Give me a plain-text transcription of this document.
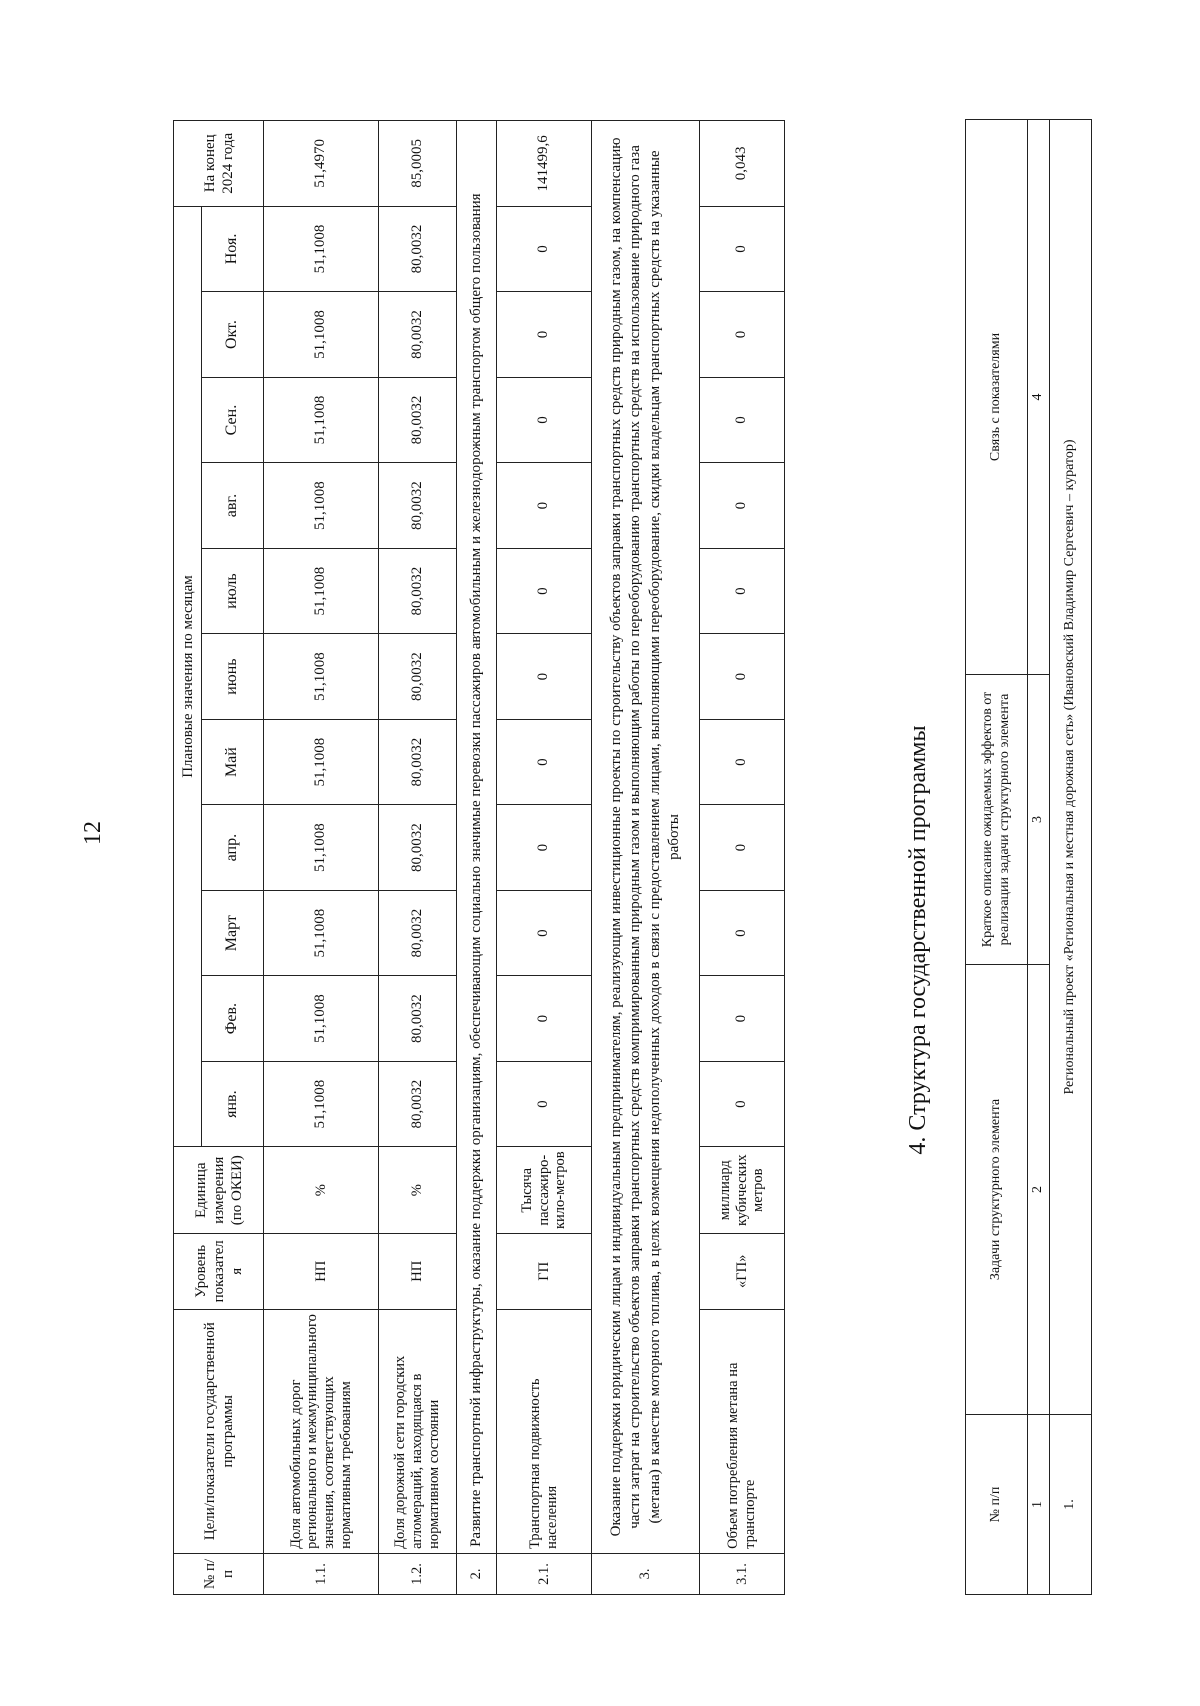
12
№ п/п	Цели/показатели государственной программы	Уровень показател я	Единица измерения (по ОКЕИ)	Плановые значения по месяцам											На конец 2024 года
				янв.	Фев.	Март	апр.	Май	июнь	июль	авг.	Сен.	Окт.	Ноя.	
1.1.	Доля автомобильных дорог регионального и межмуниципального значения, соответствующих нормативным требованиям	НП	%	51,1008	51,1008	51,1008	51,1008	51,1008	51,1008	51,1008	51,1008	51,1008	51,1008	51,1008	51,4970
1.2.	Доля дорожной сети городских агломераций, находящаяся в нормативном состоянии	НП	%	80,0032	80,0032	80,0032	80,0032	80,0032	80,0032	80,0032	80,0032	80,0032	80,0032	80,0032	85,0005
2.	Развитие транспортной инфраструктуры, оказание поддержки организациям, обеспечивающим социально значимые перевозки пассажиров автомобильным и железнодорожным транспортом общего пользования														
2.1.	Транспортная подвижность населения	ГП	Тысяча пассажиро-кило-метров	0	0	0	0	0	0	0	0	0	0	0	141499,6
3.	Оказание поддержки юридическим лицам и индивидуальным предпринимателям, реализующим инвестиционные проекты по строительству объектов заправки транспортных средств природным газом, на компенсацию части затрат на строительство объектов заправки транспортных средств компримированным природным газом и выполняющим работы по переоборудованию транспортных средств на использование природного газа (метана) в качестве моторного топлива, в целях возмещения недополученных доходов в связи с предоставлением лицами, выполняющими переоборудование, скидки владельцам транспортных средств на указанные работы														
3.1.	Объем потребления метана на транспорте	«ГП»	миллиард кубических метров	0	0	0	0	0	0	0	0	0	0	0	0,043
4. Структура государственной программы
№ п/п	Задачи структурного элемента	Краткое описание ожидаемых эффектов от реализации задачи структурного элемента	Связь с показателями
1	2	3	4
1.	Региональный проект «Региональная и местная дорожная сеть» (Ивановский Владимир Сергеевич – куратор)		
